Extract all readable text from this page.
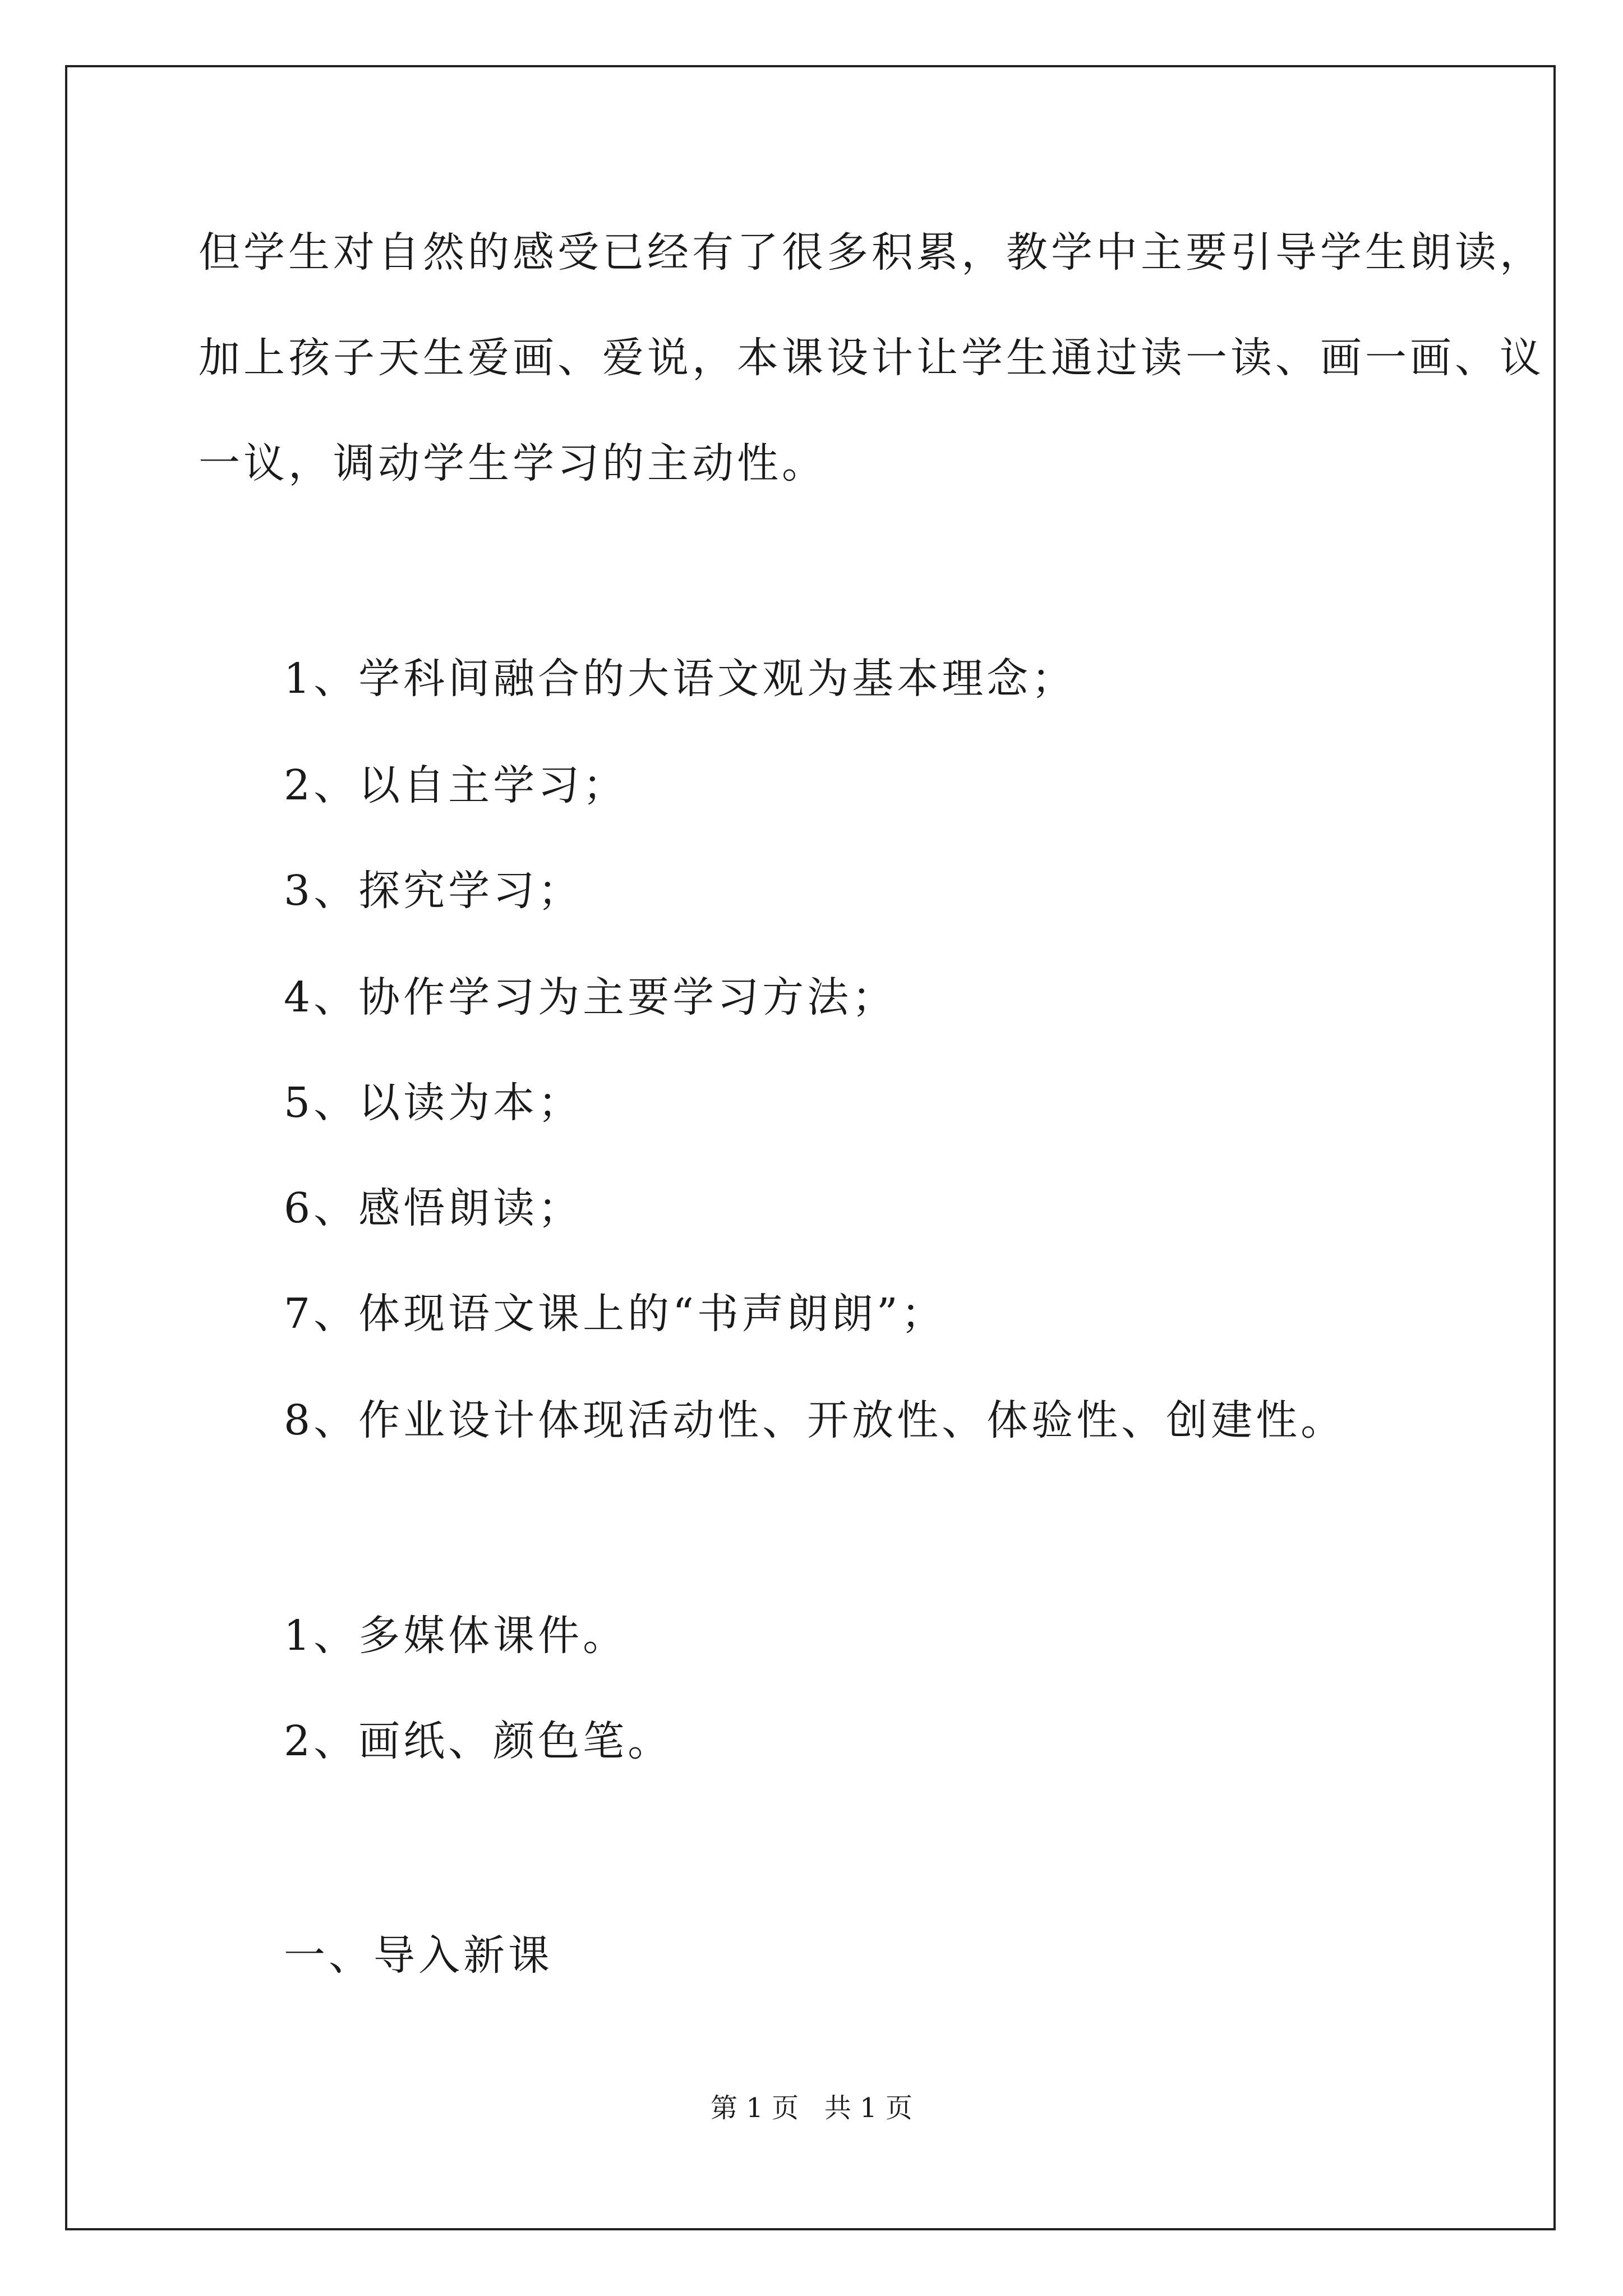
但学生对自然的感受已经有了很多积累，教学中主要引导学生朗读，
加上孩子天生爱画、爱说，本课设计让学生通过读一读、画一画、议
一议，调动学生学习的主动性。
1、学科间融合的大语文观为基本理念；
2、以自主学习；
3、探究学习；
4、协作学习为主要学习方法；
5、以读为本；
6、感悟朗读；
7、体现语文课上的“书声朗朗”；
8、作业设计体现活动性、开放性、体验性、创建性。
1、多媒体课件。
2、画纸、颜色笔。
一、导入新课
第 1 页 共 1 页
